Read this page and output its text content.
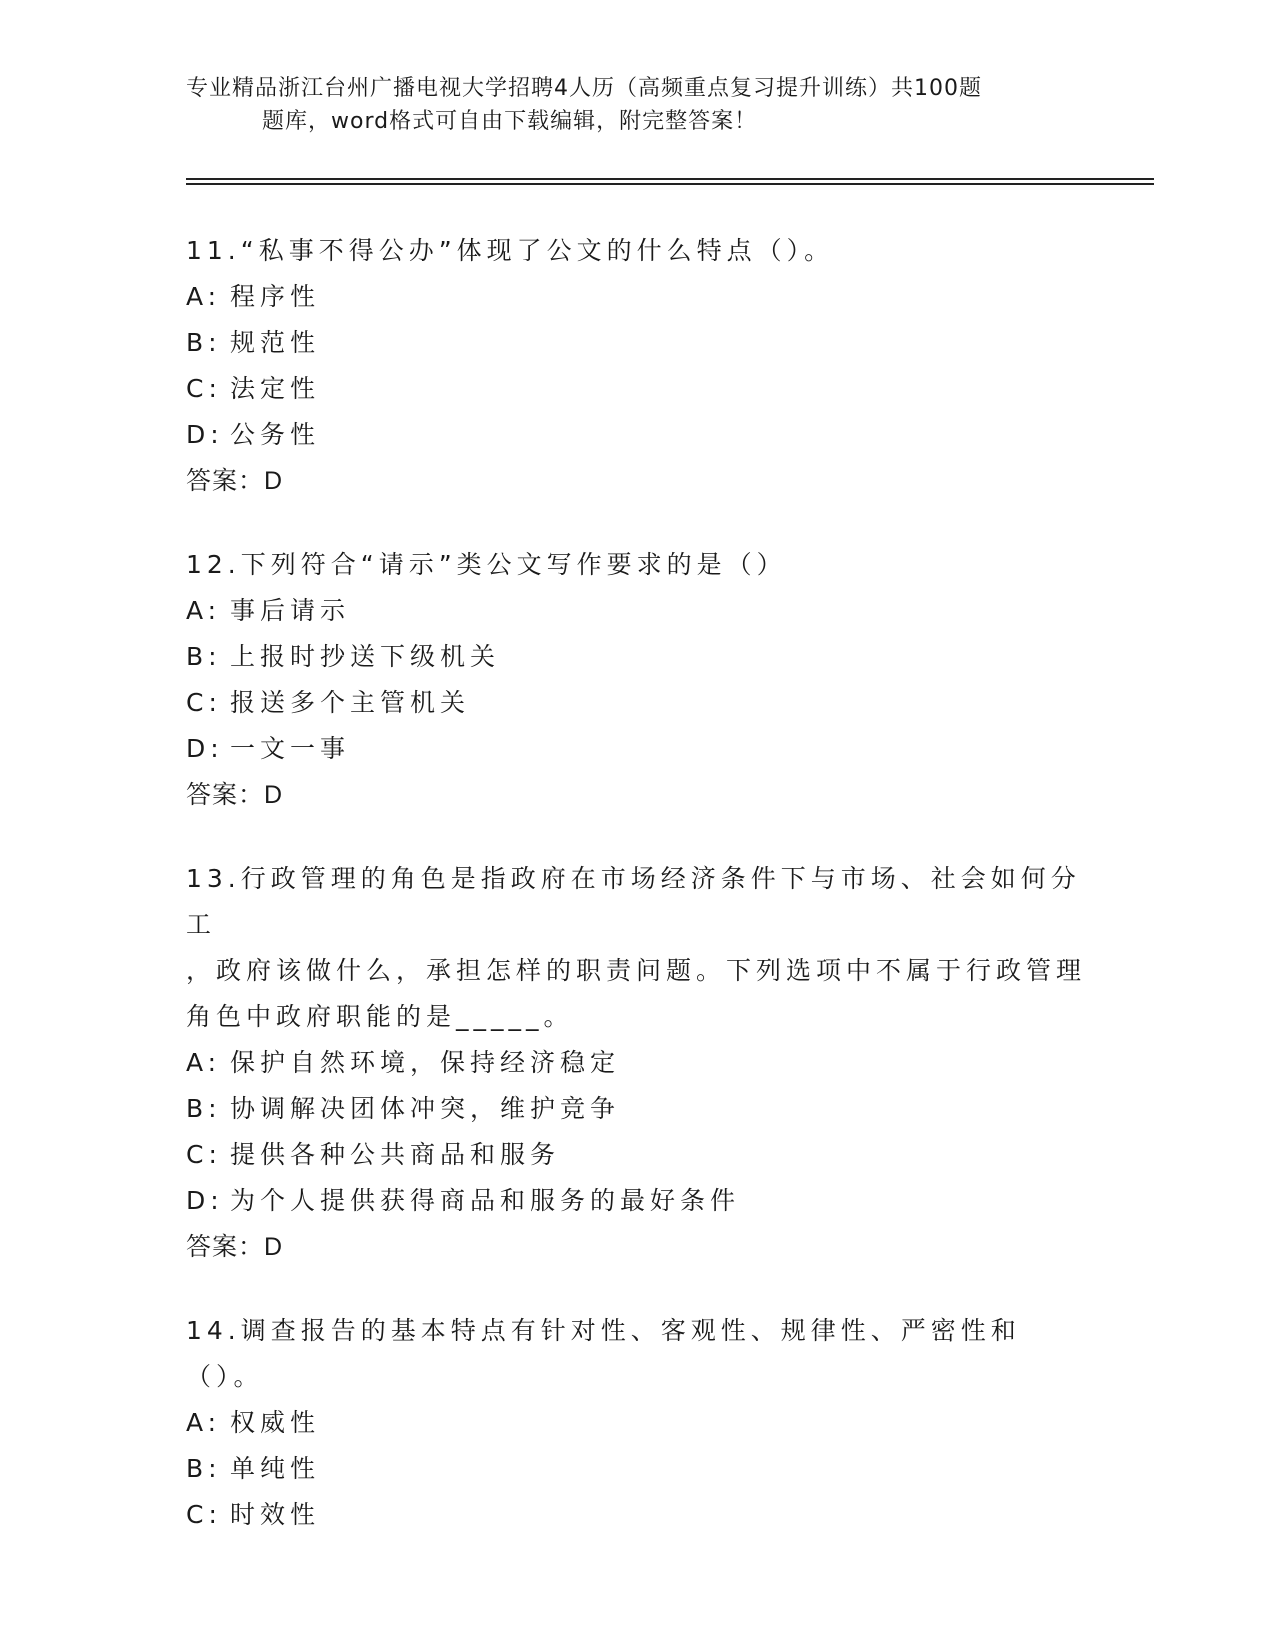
专业精品浙江台州广播电视大学招聘4人历（高频重点复习提升训练）共100题
题库，word格式可自由下载编辑，附完整答案！

11.“私事不得公办”体现了公文的什么特点（）。

A: 程序性
B: 规范性
C: 法定性
D: 公务性
答案：D

12.下列符合“请示”类公文写作要求的是（）

A: 事后请示
B: 上报时抄送下级机关
C: 报送多个主管机关
D: 一文一事
答案：D

13.行政管理的角色是指政府在市场经济条件下与市场、社会如何分工

，政府该做什么，承担怎样的职责问题。下列选项中不属于行政管理

角色中政府职能的是_____。

A: 保护自然环境，保持经济稳定
B: 协调解决团体冲突，维护竞争
C: 提供各种公共商品和服务
D: 为个人提供获得商品和服务的最好条件
答案：D

14.调查报告的基本特点有针对性、客观性、规律性、严密性和（）。

A: 权威性
B: 单纯性
C: 时效性
